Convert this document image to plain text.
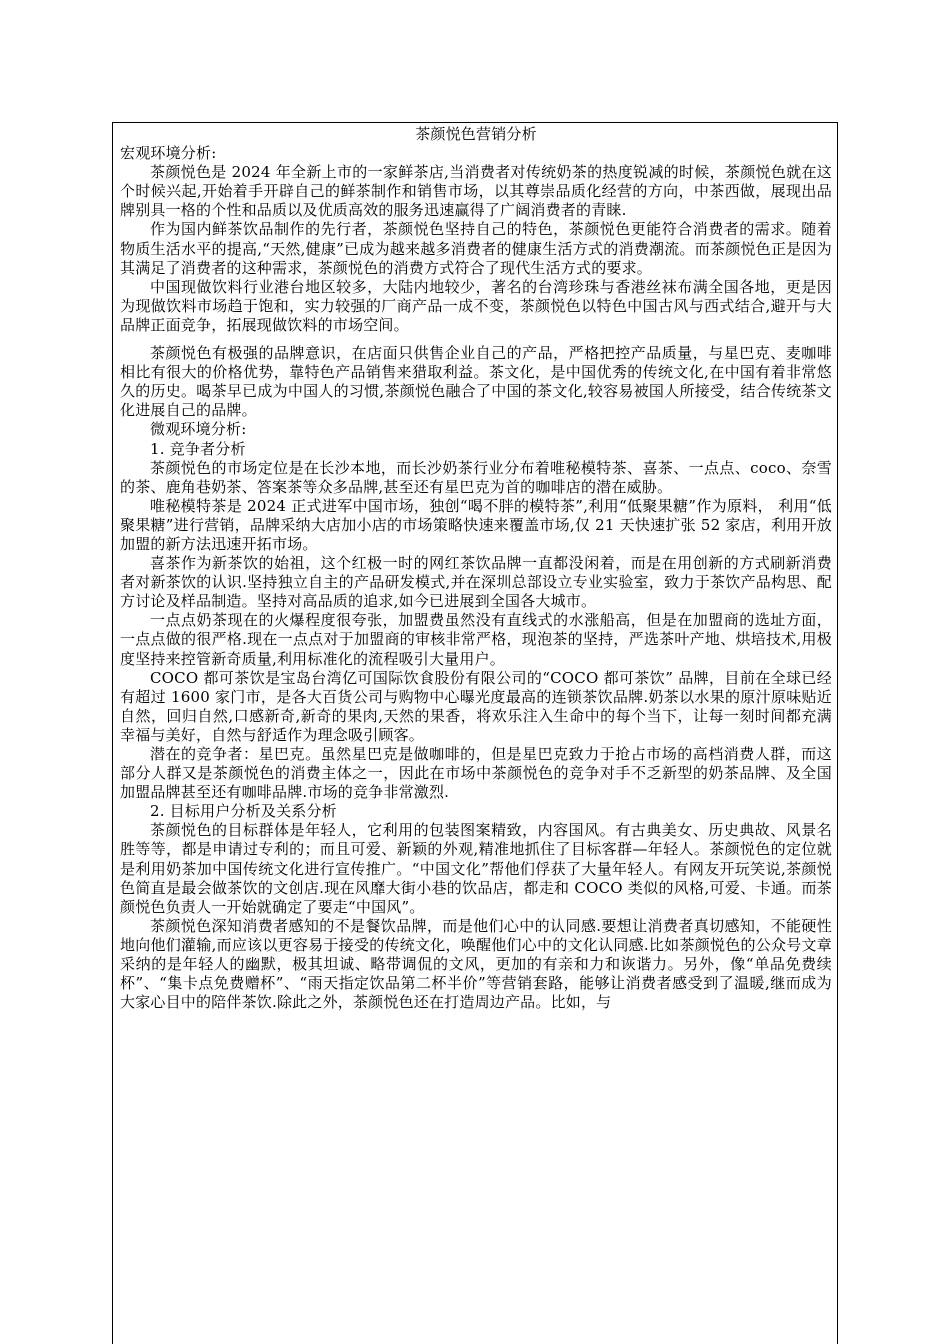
茶颜悦色营销分析

宏观环境分析:

茶颜悦色是 2024 年全新上市的一家鲜茶店,当消费者对传统奶茶的热度锐减的时候，茶颜悦色就在这个时候兴起,开始着手开辟自己的鲜茶制作和销售市场，以其尊崇品质化经营的方向，中茶西做，展现出品牌别具一格的个性和品质以及优质高效的服务迅速赢得了广阔消费者的青睐.

作为国内鲜茶饮品制作的先行者，茶颜悦色坚持自己的特色，茶颜悦色更能符合消费者的需求。随着物质生活水平的提高,“天然,健康”已成为越来越多消费者的健康生活方式的消费潮流。而茶颜悦色正是因为其满足了消费者的这种需求，茶颜悦色的消费方式符合了现代生活方式的要求。

中国现做饮料行业港台地区较多，大陆内地较少，著名的台湾珍珠与香港丝袜布满全国各地，更是因为现做饮料市场趋于饱和，实力较强的厂商产品一成不变，茶颜悦色以特色中国古风与西式结合,避开与大品牌正面竞争，拓展现做饮料的市场空间。

茶颜悦色有极强的品牌意识，在店面只供售企业自己的产品，严格把控产品质量，与星巴克、麦咖啡相比有很大的价格优势，靠特色产品销售来猎取利益。茶文化，是中国优秀的传统文化,在中国有着非常悠久的历史。喝茶早已成为中国人的习惯,茶颜悦色融合了中国的茶文化,较容易被国人所接受，结合传统茶文化进展自己的品牌。

微观环境分析:

1. 竞争者分析

茶颜悦色的市场定位是在长沙本地，而长沙奶茶行业分布着唯秘模特茶、喜茶、一点点、coco、奈雪的茶、鹿角巷奶茶、答案茶等众多品牌,甚至还有星巴克为首的咖啡店的潜在威胁。

唯秘模特茶是 2024 正式进军中国市场，独创“喝不胖的模特茶”,利用“低聚果糖”作为原料， 利用“低聚果糖”进行营销，品牌采纳大店加小店的市场策略快速来覆盖市场,仅 21 天快速扩张 52 家店，利用开放加盟的新方法迅速开拓市场。

喜茶作为新茶饮的始祖，这个红极一时的网红茶饮品牌一直都没闲着，而是在用创新的方式刷新消费者对新茶饮的认识.坚持独立自主的产品研发模式,并在深圳总部设立专业实验室，致力于茶饮产品构思、配方讨论及样品制造。坚持对高品质的追求,如今已进展到全国各大城市。

一点点奶茶现在的火爆程度很夸张，加盟费虽然没有直线式的水涨船高，但是在加盟商的选址方面，一点点做的很严格.现在一点点对于加盟商的审核非常严格，现泡茶的坚持，严选茶叶产地、烘培技术,用极度坚持来控管新奇质量,利用标准化的流程吸引大量用户。

COCO 都可茶饮是宝岛台湾亿可国际饮食股份有限公司的“COCO 都可茶饮” 品牌，目前在全球已经有超过 1600 家门市，是各大百货公司与购物中心曝光度最高的连锁茶饮品牌.奶茶以水果的原汁原味贴近自然，回归自然,口感新奇,新奇的果肉,天然的果香，将欢乐注入生命中的每个当下，让每一刻时间都充满幸福与美好，自然与舒适作为理念吸引顾客。

潜在的竞争者：星巴克。虽然星巴克是做咖啡的，但是星巴克致力于抢占市场的高档消费人群，而这部分人群又是茶颜悦色的消费主体之一，因此在市场中茶颜悦色的竞争对手不乏新型的奶茶品牌、及全国加盟品牌甚至还有咖啡品牌.市场的竞争非常激烈.

2. 目标用户分析及关系分析

茶颜悦色的目标群体是年轻人，它利用的包装图案精致，内容国风。有古典美女、历史典故、风景名胜等等，都是申请过专利的；而且可爱、新颖的外观,精准地抓住了目标客群—年轻人。茶颜悦色的定位就是利用奶茶加中国传统文化进行宣传推广。“中国文化”帮他们俘获了大量年轻人。有网友开玩笑说,茶颜悦色简直是最会做茶饮的文创店.现在风靡大街小巷的饮品店，都走和 COCO 类似的风格,可爱、卡通。而茶颜悦色负责人一开始就确定了要走“中国风”。

茶颜悦色深知消费者感知的不是餐饮品牌，而是他们心中的认同感.要想让消费者真切感知，不能硬性地向他们灌输,而应该以更容易于接受的传统文化，唤醒他们心中的文化认同感.比如茶颜悦色的公众号文章采纳的是年轻人的幽默，极其坦诚、略带调侃的文风，更加的有亲和力和诙谐力。另外，像“单品免费续杯”、“集卡点免费赠杯”、“雨天指定饮品第二杯半价”等营销套路，能够让消费者感受到了温暖,继而成为大家心目中的陪伴茶饮.除此之外，茶颜悦色还在打造周边产品。比如，与
